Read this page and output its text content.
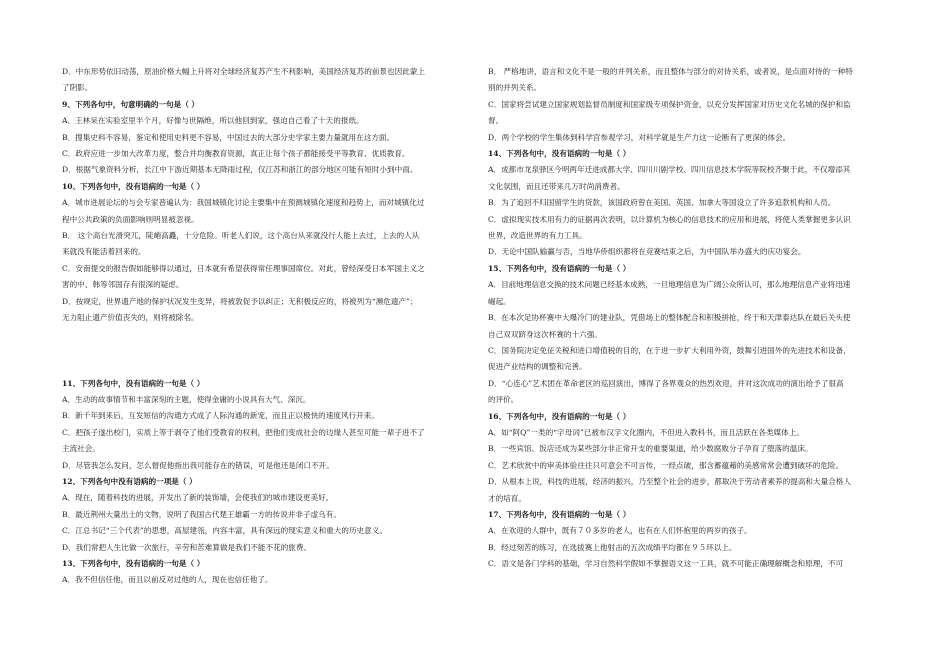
D．中东形势依旧动荡，原油价格大幅上升将对全球经济复苏产生不利影响，美国经济复苏的前景也因此蒙上
了阴影。
9、下列各句中，句意明确的一句是（ ）
A．王林呆在实验室里半个月，好像与世隔绝，所以他回到家，强迫自己看了十天的报纸。
B．搜集史料不容易，鉴定和使用史料更不容易，中国过去的大部分史学家主要力量就用在这方面。
C．政府应进一步加大改革力度，整合并均衡教育资源，真正让每个孩子都能接受平等教育、优质教育。
D．根据气象资料分析，长江中下游近期基本无降雨过程，仅江苏和浙江的部分地区可能有短时小到中雨。
10、下列各句中，没有语病的一句是（ ）
A．城市进展论坛的与会专家普遍认为：我国城镇化讨论主要集中在预测城镇化速度和趋势上，而对城镇化过
程中公共政策的负面影响则明显被忽视。
B． 这个高台光滑突兀，陡峭高矗，十分危险。听老人们说，这个高台从来就没行人能上去过，上去的人从
来就没有能活着回来的。
C．安南提交的报告假如能够得以通过，日本就有希望获得常任理事国席位。对此，曾经深受日本军国主义之
害的中、韩等邻国存有很深的疑虑。
D．按规定，世界遗产地的保护状况发生变异，将被敦促予以纠正；无积极反应的，将被列为“濒危遗产”；
无力阻止遗产价值丧失的，则将被除名。
11、下列各句中，没有语病的一句是（ ）
A．生动的故事情节和丰富深刻的主题，使得金庸的小说具有大气、深沉。
B．新千年到来后，互发短信的沟通方式成了人际沟通的新宠，而且正以极快的速度风行开来。
C．把孩子遂出校门，实质上等于剥夺了他们受教育的权利，把他们变成社会的边缘人甚至可能一辈子进不了
主流社会。
D．尽管我怎么发问，怎么督促他指出我可能存在的错误，可是他还是闭口不开。
12、下列各句中没有语病的一项是（ ）
A．现在，随着科技的进展，开发出了新的装饰墙，会使我们的城市建设更美好。
B．最近荆州大量出土的文物，说明了我国古代楚王雄霸一方的传说并非子虚乌有。
C．江总书记“三个代表”的思想，高屋建瓴，内容丰富，具有深远的现实意义和重大的历史意义。
D．我们常把人生比做一次旅行，辛劳和苦难算做是我们不能不花的旅费。
13、下列各句中，没有语病的一句是（ ）
A．我不但信任他，而且以前反对过他的人，现在也信任他了。
B． 严格地讲，语言和文化不是一般的并列关系，而且整体与部分的对待关系，或者说，是点面对待的一种特
别的并列关系。
C．国家将尝试建立国家规划监督员制度和国家级专项保护资金，以充分发挥国家对历史文化名城的保护和监
督。
D．两个学校的学生集体到科学宫参观学习，对科学就是生产力这一论断有了更深的体会。
14、下列各句中，没有语病的一句是（ ）
A．成都市龙泉驿区今明两年迁进成都大学、四川川剧学校、四川信息技术学院等院校齐聚于此，不仅增添其
文化氛围，而且还带来几万时尚消费者。
B．为了追回不归国留学生的贷款，该国政府曾在美国、英国、加拿大等国设立了许多追款机构和人员。
C．虚拟现实技术用有力的证据再次表明，以计算机为核心的信息技术的应用和进展，将使人类掌握更多认识
世界，改造世界的有力工具。
D．无论中国队输赢与否，当地华侨组织都将在竞赛结束之后，为中国队举办盛大的庆功宴会。
15、下列各句中，没有语病的一句是（ ）
A．目前地理信息交换的技术问题已经基本成熟，一旦地理信息为广阔公众所认可，那么地理信息产业将迅速
崛起。
B．在本次足协杯赛中大爆冷门的建业队，凭借场上的整体配合和积极拼抢，终于和天津泰达队在最后关头使
自己双双跻身这次杯赛的十六强。
C．国务院决定免征关税和进口增值税的目的，在于进一步扩大利用外资，鼓舞引进国外的先进技术和设备，
促进产业结构的调整和完善。
D．“心连心”艺术团在革命老区的巡回演出，博得了各界观众的热烈欢迎，并对这次成功的演出给予了很高
的评价。
16、下列各句中，没有语病的一句是（ ）
A．如“阿Q”一类的“字母词”已被布汉字文化圈内，不但进入教科书，而且活跃在各类媒体上。
B．一些宾馆、饭店还成为某些部分非正常开支的重要渠道，给少数腐败分子孕育了堕落的温床。
C．艺术欣赏中的审美体验往往只可意会不可言传，一经点破，那含蓄蕴藉的美感常常会遭到破坏的危险。
D．从根本上说，科技的进展，经济的振兴，乃至整个社会的进步，都取决于劳动者素养的提高和大量合格人
才的培育。
17、下列各句中，没有语病的一句是（ ）
A．在欢迎的人群中，既有７０多岁的老人，也有在人们怀抱里的两岁的孩子。
B．经过刻苦的练习，在选拔赛上他射击的五次成绩平均都在９５环以上。
C．语文是各门学科的基础，学习自然科学假如不掌握语文这一工具，就不可能正确理解概念和原理，不可
